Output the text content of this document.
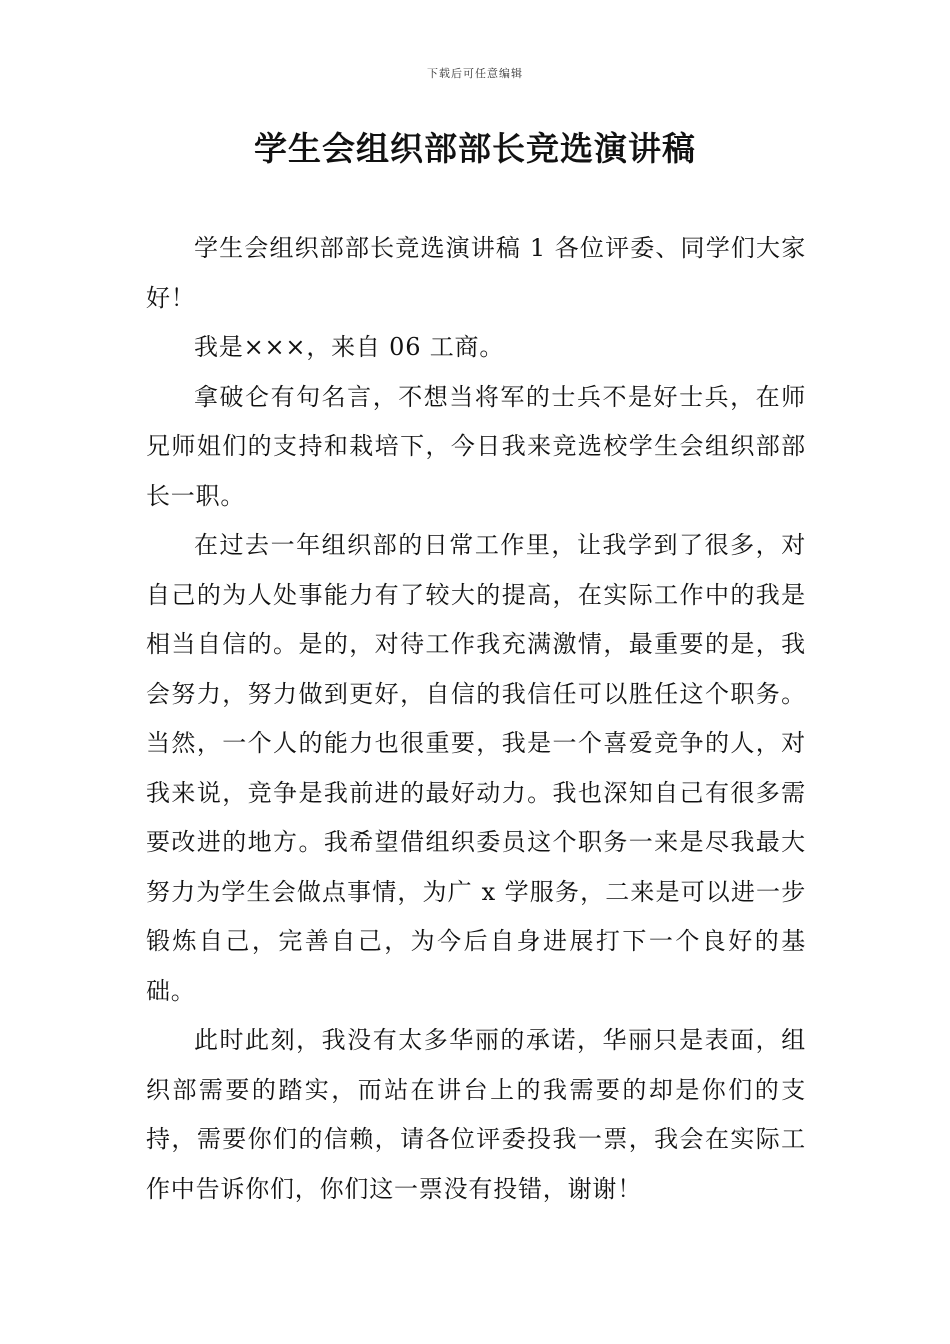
下载后可任意编辑
学生会组织部部长竞选演讲稿

学生会组织部部长竞选演讲稿 1 各位评委、同学们大家好！

我是×××，来自 06 工商。

拿破仑有句名言，不想当将军的士兵不是好士兵，在师兄师姐们的支持和栽培下，今日我来竞选校学生会组织部部长一职。

在过去一年组织部的日常工作里，让我学到了很多，对自己的为人处事能力有了较大的提高，在实际工作中的我是相当自信的。是的，对待工作我充满激情，最重要的是，我会努力，努力做到更好，自信的我信任可以胜任这个职务。当然，一个人的能力也很重要，我是一个喜爱竞争的人，对我来说，竞争是我前进的最好动力。我也深知自己有很多需要改进的地方。我希望借组织委员这个职务一来是尽我最大努力为学生会做点事情，为广 x 学服务，二来是可以进一步锻炼自己，完善自己，为今后自身进展打下一个良好的基础。

此时此刻，我没有太多华丽的承诺，华丽只是表面，组织部需要的踏实，而站在讲台上的我需要的却是你们的支持，需要你们的信赖，请各位评委投我一票，我会在实际工作中告诉你们，你们这一票没有投错，谢谢！
